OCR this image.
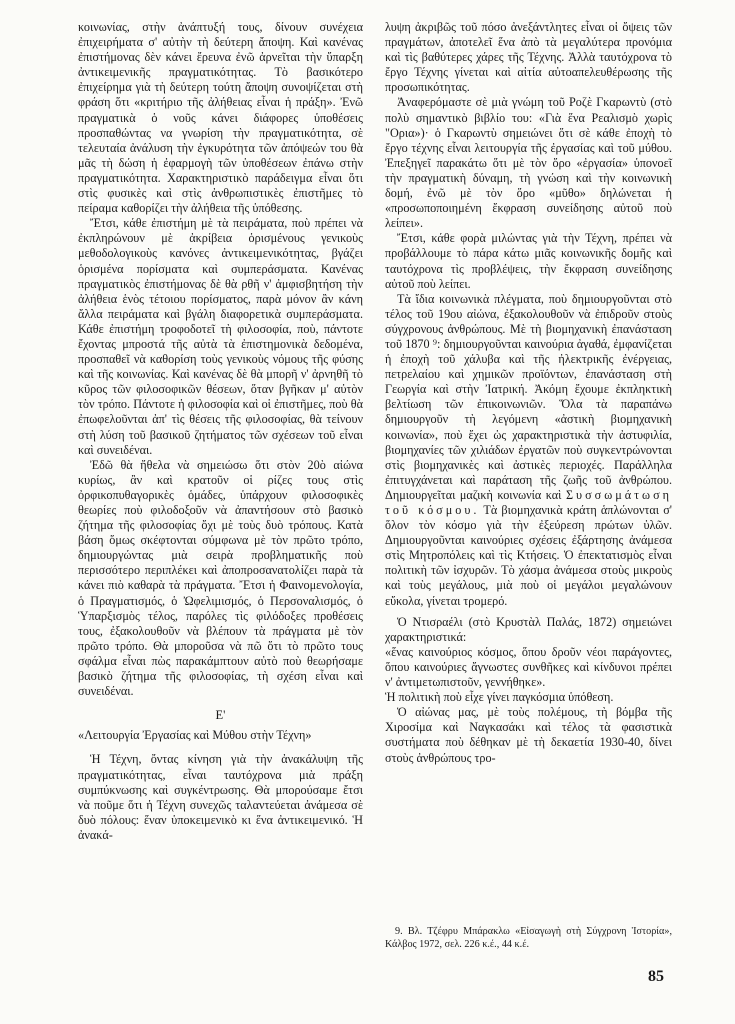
κοινωνίας, στὴν ἀνάπτυξή τους, δίνουν συνέχεια ἐπιχειρήματα σ' αὐτὴν τὴ δεύτερη ἄποψη. Καὶ κανένας ἐπιστήμονας δὲν κάνει ἔρευνα ἐνῶ ἀρνεῖται τὴν ὕπαρξη ἀντικειμενικῆς πραγματικότητας. Τὸ βασικότερο ἐπιχείρημα γιὰ τὴ δεύτερη τούτη ἄποψη συνοψίζεται στὴ φράση ὅτι «κριτήριο τῆς ἀλήθειας εἶναι ἡ πράξη». Ἐνῶ πραγματικὰ ὁ νοῦς κάνει διάφορες ὑποθέσεις προσπαθώντας να γνωρίση τὴν πραγματικότητα, σὲ τελευταία ἀνάλυση τὴν ἐγκυρότητα τῶν ἀπόψεών του θὰ μᾶς τὴ δώση ἡ ἐφαρμογὴ τῶν ὑποθέσεων ἐπάνω στὴν πραγματικότητα. Χαρακτηριστικὸ παράδειγμα εἶναι ὅτι στὶς φυσικὲς καὶ στὶς ἀνθρωπιστικὲς ἐπιστῆμες τὸ πείραμα καθορίζει τὴν ἀλήθεια τῆς ὑπόθεσης.

Ἔτσι, κάθε ἐπιστήμη μὲ τὰ πειράματα, ποὺ πρέπει νὰ ἐκπληρώνουν μὲ ἀκρίβεια ὁρισμένους γενικοὺς μεθοδολογικοὺς κανόνες ἀντικειμενικότητας, βγάζει ὁρισμένα πορίσματα καὶ συμπεράσματα. Κανένας πραγματικὸς ἐπιστήμονας δὲ θὰ ρθῆ ν' ἀμφισβητήση τὴν ἀλήθεια ἑνὸς τέτοιου πορίσματος, παρὰ μόνον ἂν κάνη ἄλλα πειράματα καὶ βγάλη διαφορετικὰ συμπεράσματα. Κάθε ἐπιστήμη τροφοδοτεῖ τὴ φιλοσοφία, ποὺ, πάντοτε ἔχοντας μπροστά τῆς αὐτὰ τὰ ἐπιστημονικὰ δεδομένα, προσπαθεῖ νὰ καθορίση τοὺς γενικοὺς νόμους τῆς φύσης καὶ τῆς κοινωνίας. Καὶ κανένας δὲ θὰ μπορῆ ν' ἀρνηθῆ τὸ κῦρος τῶν φιλοσοφικῶν θέσεων, ὅταν βγῆκαν μ' αὐτὸν τὸν τρόπο. Πάντοτε ἡ φιλοσοφία καὶ οἱ ἐπιστῆμες, ποὺ θὰ ἐπωφελοῦνται ἀπ' τὶς θέσεις τῆς φιλοσοφίας, θὰ τείνουν στὴ λύση τοῦ βασικοῦ ζητήματος τῶν σχέσεων τοῦ εἶναι καὶ συνειδέναι.

Ἐδῶ θὰ ἤθελα νὰ σημειώσω ὅτι στὸν 20ὸ αἰώνα κυρίως, ἂν καὶ κρατοῦν οἱ ρίζες τους στὶς ὀρφικοπυθαγορικὲς ὁμάδες, ὑπάρχουν φιλοσοφικὲς θεωρίες ποὺ φιλοδοξοῦν νὰ ἀπαντήσουν στὸ βασικὸ ζήτημα τῆς φιλοσοφίας ὄχι μὲ τοὺς δυὸ τρόπους. Κατὰ βάση ὅμως σκέφτονται σύμφωνα μὲ τὸν πρῶτο τρόπο, δημιουργώντας μιὰ σειρὰ προβληματικῆς ποὺ περισσότερο περιπλέκει καὶ ἀποπροσανατολίζει παρὰ τὰ κάνει πιὸ καθαρὰ τὰ πράγματα. Ἔτσι ἡ Φαινομενολογία, ὁ Πραγματισμός, ὁ Ὠφελιμισμός, ὁ Περσοναλισμός, ὁ Ὑπαρξισμὸς τέλος, παρόλες τὶς φιλόδοξες προθέσεις τους, ἐξακολουθοῦν νὰ βλέπουν τὰ πράγματα μὲ τὸν πρῶτο τρόπο. Θὰ μποροῦσα νὰ πῶ ὅτι τὸ πρῶτο τους σφάλμα εἶναι πὼς παρακάμπτουν αὐτὸ ποὺ θεωρήσαμε βασικὸ ζήτημα τῆς φιλοσοφίας, τὴ σχέση εἶναι καὶ συνειδέναι.

Ε'
«Λειτουργία Ἐργασίας καὶ Μύθου στὴν Τέχνη»

Ἡ Τέχνη, ὄντας κίνηση γιὰ τὴν ἀνακάλυψη τῆς πραγματικότητας, εἶναι ταυτόχρονα μιὰ πράξη συμπύκνωσης καὶ συγκέντρωσης. Θὰ μπορούσαμε ἔτσι νὰ ποῦμε ὅτι ἡ Τέχνη συνεχῶς ταλαντεύεται ἀνάμεσα σὲ δυὸ πόλους: ἕναν ὑποκειμενικὸ κι ἕνα ἀντικειμενικό. Ἡ ἀνακά-

λυψη ἀκριβῶς τοῦ πόσο ἀνεξάντλητες εἶναι οἱ ὄψεις τῶν πραγμάτων, ἀποτελεῖ ἕνα ἀπὸ τὰ μεγαλύτερα προνόμια καὶ τὶς βαθύτερες χάρες τῆς Τέχνης. Ἀλλὰ ταυτόχρονα τὸ ἔργο Τέχνης γίνεται καὶ αἰτία αὐτοαπελευθέρωσης τῆς προσωπικότητας.

Ἀναφερόμαστε σὲ μιὰ γνώμη τοῦ Ροζὲ Γκαρωντὺ (στὸ πολὺ σημαντικὸ βιβλίο του: «Γιὰ ἕνα Ρεαλισμὸ χωρὶς "Ορια»)· ὁ Γκαρωντὺ σημειώνει ὅτι σὲ κάθε ἐποχὴ τὸ ἔργο τέχνης εἶναι λειτουργία τῆς ἐργασίας καὶ τοῦ μύθου. Ἐπεξηγεῖ παρακάτω ὅτι μὲ τὸν ὅρο «ἐργασία» ὑπονοεῖ τὴν πραγματικὴ δύναμη, τὴ γνώση καὶ τὴν κοινωνικὴ δομή, ἐνῶ μὲ τὸν ὅρο «μῦθο» δηλώνεται ἡ «προσωποποιημένη ἔκφραση συνείδησης αὐτοῦ ποὺ λείπει».

Ἔτσι, κάθε φορὰ μιλώντας γιὰ τὴν Τέχνη, πρέπει νὰ προβάλλουμε τὸ πάρα κάτω μιᾶς κοινωνικῆς δομῆς καὶ ταυτόχρονα τὶς προβλέψεις, τὴν ἔκφραση συνείδησης αὐτοῦ ποὺ λείπει.

Τὰ ἴδια κοινωνικὰ πλέγματα, ποὺ δημιουργοῦνται στὸ τέλος τοῦ 19ου αἰώνα, ἐξακολουθοῦν νὰ ἐπιδροῦν στοὺς σύγχρονους ἀνθρώπους. Μὲ τὴ βιομηχανικὴ ἐπανάσταση τοῦ 1870 ⁹: δημιουργοῦνται καινούρια ἀγαθά, ἐμφανίζεται ἡ ἐποχὴ τοῦ χάλυβα καὶ τῆς ἠλεκτρικῆς ἐνέργειας, πετρελαίου καὶ χημικῶν προϊόντων, ἐπανάσταση στὴ Γεωργία καὶ στὴν Ἰατρική. Ἀκόμη ἔχουμε ἐκπληκτικὴ βελτίωση τῶν ἐπικοινωνιῶν. Ὅλα τὰ παραπάνω δημιουργοῦν τὴ λεγόμενη «ἀστικὴ βιομηχανικὴ κοινωνία», ποὺ ἔχει ὡς χαρακτηριστικὰ τὴν ἀστυφιλία, βιομηχανίες τῶν χιλιάδων ἐργατῶν ποὺ συγκεντρώνονται στὶς βιομηχανικὲς καὶ ἀστικὲς περιοχές. Παράλληλα ἐπιτυγχάνεται καὶ παράταση τῆς ζωῆς τοῦ ἀνθρώπου. Δημιουργεῖται μαζικὴ κοινωνία καὶ Συσσωμάτωση τοῦ κόσμου. Τὰ βιομηχανικὰ κράτη ἁπλώνονται σ' ὅλον τὸν κόσμο γιὰ τὴν ἐξεύρεση πρώτων ὑλῶν. Δημιουργοῦνται καινούριες σχέσεις ἐξάρτησης ἀνάμεσα στὶς Μητροπόλεις καὶ τὶς Κτήσεις. Ὁ ἐπεκτατισμὸς εἶναι πολιτικὴ τῶν ἰσχυρῶν. Τὸ χάσμα ἀνάμεσα στοὺς μικροὺς καὶ τοὺς μεγάλους, μιὰ ποὺ οἱ μεγάλοι μεγαλώνουν εὔκολα, γίνεται τρομερό.

Ὁ Ντισραέλι (στὸ Κρυστὰλ Παλάς, 1872) σημειώνει χαρακτηριστικά:

«ἕνας καινούριος κόσμος, ὅπου δροῦν νέοι παράγοντες, ὅπου καινούριες ἄγνωστες συνθῆκες καὶ κίνδυνοι πρέπει ν' ἀντιμετωπιστοῦν, γεννήθηκε».

Ἡ πολιτικὴ ποὺ εἶχε γίνει παγκόσμια ὑπόθεση.

Ὁ αἰώνας μας, μὲ τοὺς πολέμους, τὴ βόμβα τῆς Χιροσίμα καὶ Ναγκασάκι καὶ τέλος τὰ φασιστικὰ συστήματα ποὺ δέθηκαν μὲ τὴ δεκαετία 1930-40, δίνει στοὺς ἀνθρώπους τρο-

9. Βλ. Τζέφρυ Μπάρακλω «Εἰσαγωγὴ στὴ Σύγχρονη Ἱστορία», Κάλβος 1972, σελ. 226 κ.έ., 44 κ.έ.

85
